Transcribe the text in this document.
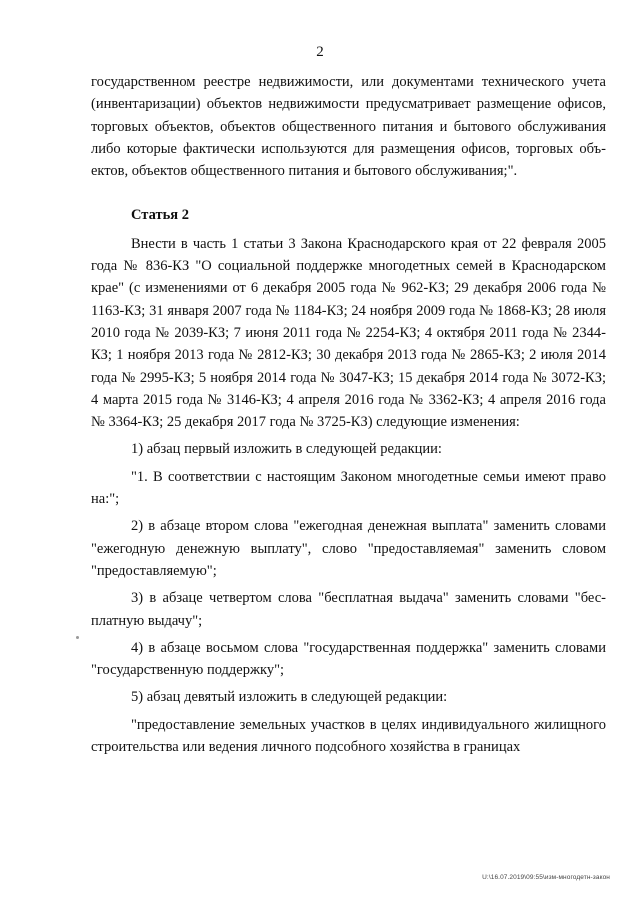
2

государственном реестре недвижимости, или документами технического учета (инвентаризации) объектов недвижимости предусматривает размещение офисов, торговых объектов, объектов общественного питания и бытового обслуживания либо которые фактически используются для размещения офисов, торговых объектов, объектов общественного питания и бытового обслуживания;".

Статья 2

Внести в часть 1 статьи 3 Закона Краснодарского края от 22 февраля 2005 года № 836-КЗ "О социальной поддержке многодетных семей в Краснодарском крае" (с изменениями от 6 декабря 2005 года № 962-КЗ; 29 декабря 2006 года № 1163-КЗ; 31 января 2007 года № 1184-КЗ; 24 ноября 2009 года № 1868-КЗ; 28 июля 2010 года № 2039-КЗ; 7 июня 2011 года № 2254-КЗ; 4 октября 2011 года № 2344-КЗ; 1 ноября 2013 года № 2812-КЗ; 30 декабря 2013 года № 2865-КЗ; 2 июля 2014 года № 2995-КЗ; 5 ноября 2014 года № 3047-КЗ; 15 декабря 2014 года № 3072-КЗ; 4 марта 2015 года № 3146-КЗ; 4 апреля 2016 года № 3362-КЗ; 4 апреля 2016 года № 3364-КЗ; 25 декабря 2017 года № 3725-КЗ) следующие изменения:

1) абзац первый изложить в следующей редакции:

"1. В соответствии с настоящим Законом многодетные семьи имеют право на:";

2) в абзаце втором слова "ежегодная денежная выплата" заменить словами "ежегодную денежную выплату", слово "предоставляемая" заменить словом "предоставляемую";

3) в абзаце четвертом слова "бесплатная выдача" заменить словами "бесплатную выдачу";

4) в абзаце восьмом слова "государственная поддержка" заменить словами "государственную поддержку";

5) абзац девятый изложить в следующей редакции:

"предоставление земельных участков в целях индивидуального жилищного строительства или ведения личного подсобного хозяйства в границах

U:\16.07.2019\09:55\изм-многодетн-закон
